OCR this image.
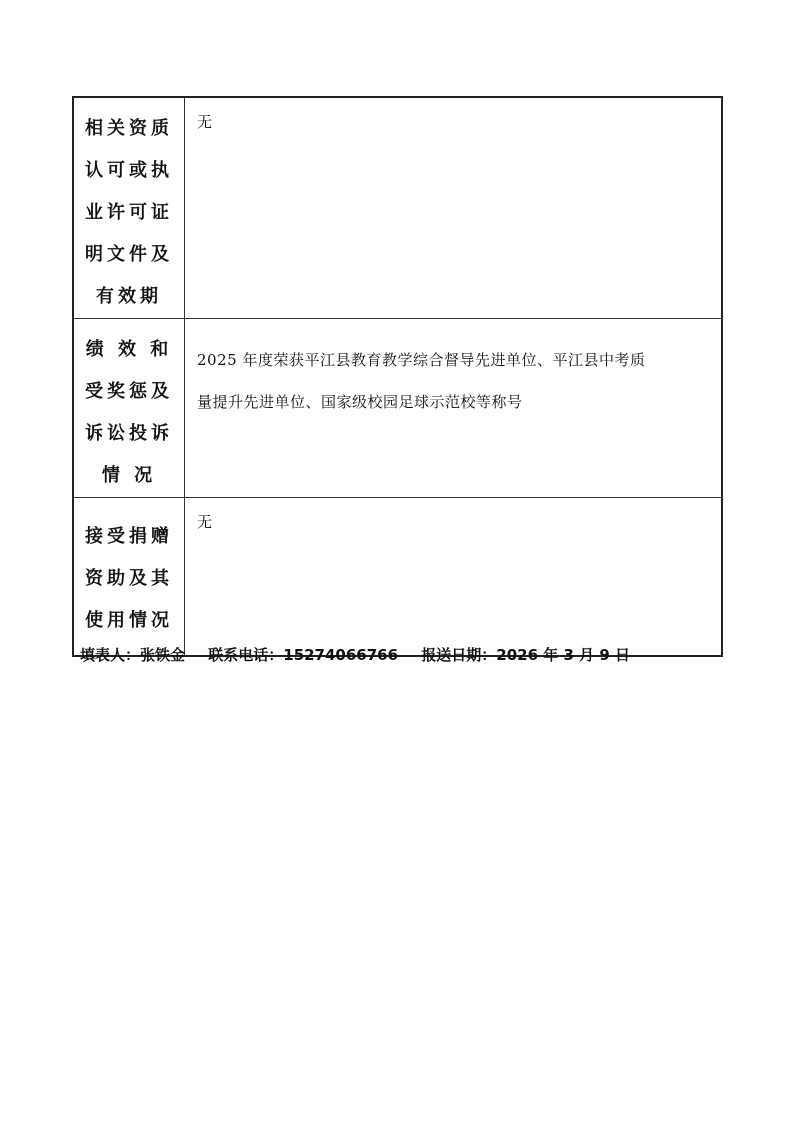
相关资质
认可或执
业许可证
明文件及
有效期	无

绩 效 和
受奖惩及
诉讼投诉
情 况	2025 年度荣获平江县教育教学综合督导先进单位、平江县中考质
量提升先进单位、国家级校园足球示范校等称号

接受捐赠
资助及其
使用情况	无
填表人：张铁金 联系电话：15274066766 报送日期：2026 年 3 月 9 日
